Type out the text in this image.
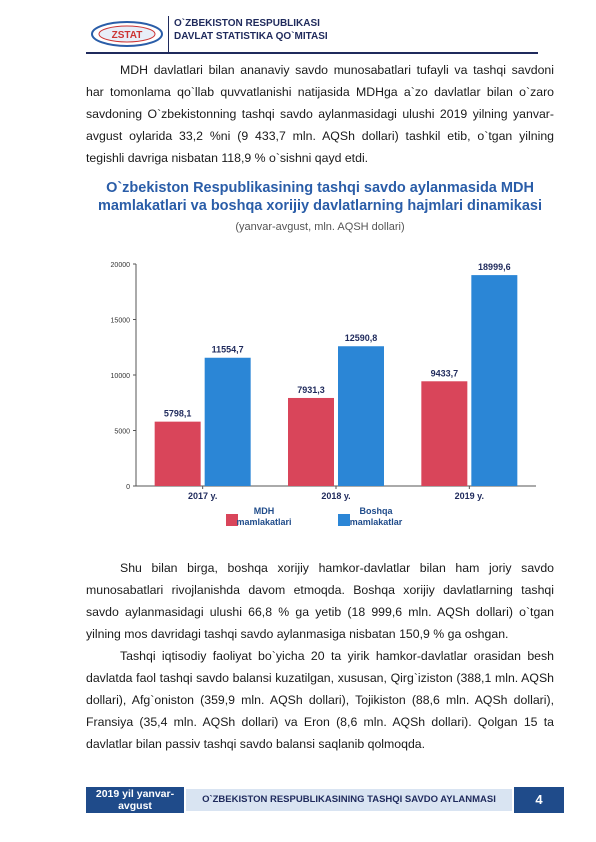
ZSTAT
O`ZBEKISTON RESPUBLIKASI
DAVLAT STATISTIKA QO`MITASI

MDH davlatlari bilan ananaviy savdo munosabatlari tufayli va tashqi savdoni har tomonlama qo`llab quvvatlanishi natijasida MDHga a`zo davlatlar bilan o`zaro savdoning O`zbekistonning tashqi savdo aylanmasidagi ulushi 2019 yilning yanvar-avgust oylarida 33,2 %ni (9 433,7 mln. AQSh dollari) tashkil etib, o`tgan yilning tegishli davriga nisbatan 118,9 % o`sishni qayd etdi.

O`zbekiston Respublikasining tashqi savdo aylanmasida MDH
mamlakatlari va boshqa xorijiy davlatlarning hajmlari dinamikasi
(yanvar-avgust, mln. AQSH dollari)
0
5000
10000
15000
20000
5798,1
11554,7
2017 y.
7931,3
12590,8
2018 y.
9433,7
18999,6
2019 y.
MDH
mamlakatlari
Boshqa
mamlakatlar

Shu bilan birga, boshqa xorijiy hamkor-davlatlar bilan ham joriy savdo munosabatlari rivojlanishda davom etmoqda. Boshqa xorijiy davlatlarning tashqi savdo aylanmasidagi ulushi 66,8 % ga yetib (18 999,6 mln. AQSh dollari) o`tgan yilning mos davridagi tashqi savdo aylanmasiga nisbatan 150,9 % ga oshgan.

Tashqi iqtisodiy faoliyat bo`yicha 20 ta yirik hamkor-davlatlar orasidan besh davlatda faol tashqi savdo balansi kuzatilgan, xususan, Qirg`iziston (388,1 mln. AQSh dollari), Afg`oniston (359,9 mln. AQSh dollari), Tojikiston (88,6 mln. AQSh dollari), Fransiya (35,4 mln. AQSh dollari) va Eron (8,6 mln. AQSh dollari). Qolgan 15 ta davlatlar bilan passiv tashqi savdo balansi saqlanib qolmoqda.

2019 yil yanvar-
avgust
O`ZBEKISTON RESPUBLIKASINING TASHQI SAVDO AYLANMASI	4
